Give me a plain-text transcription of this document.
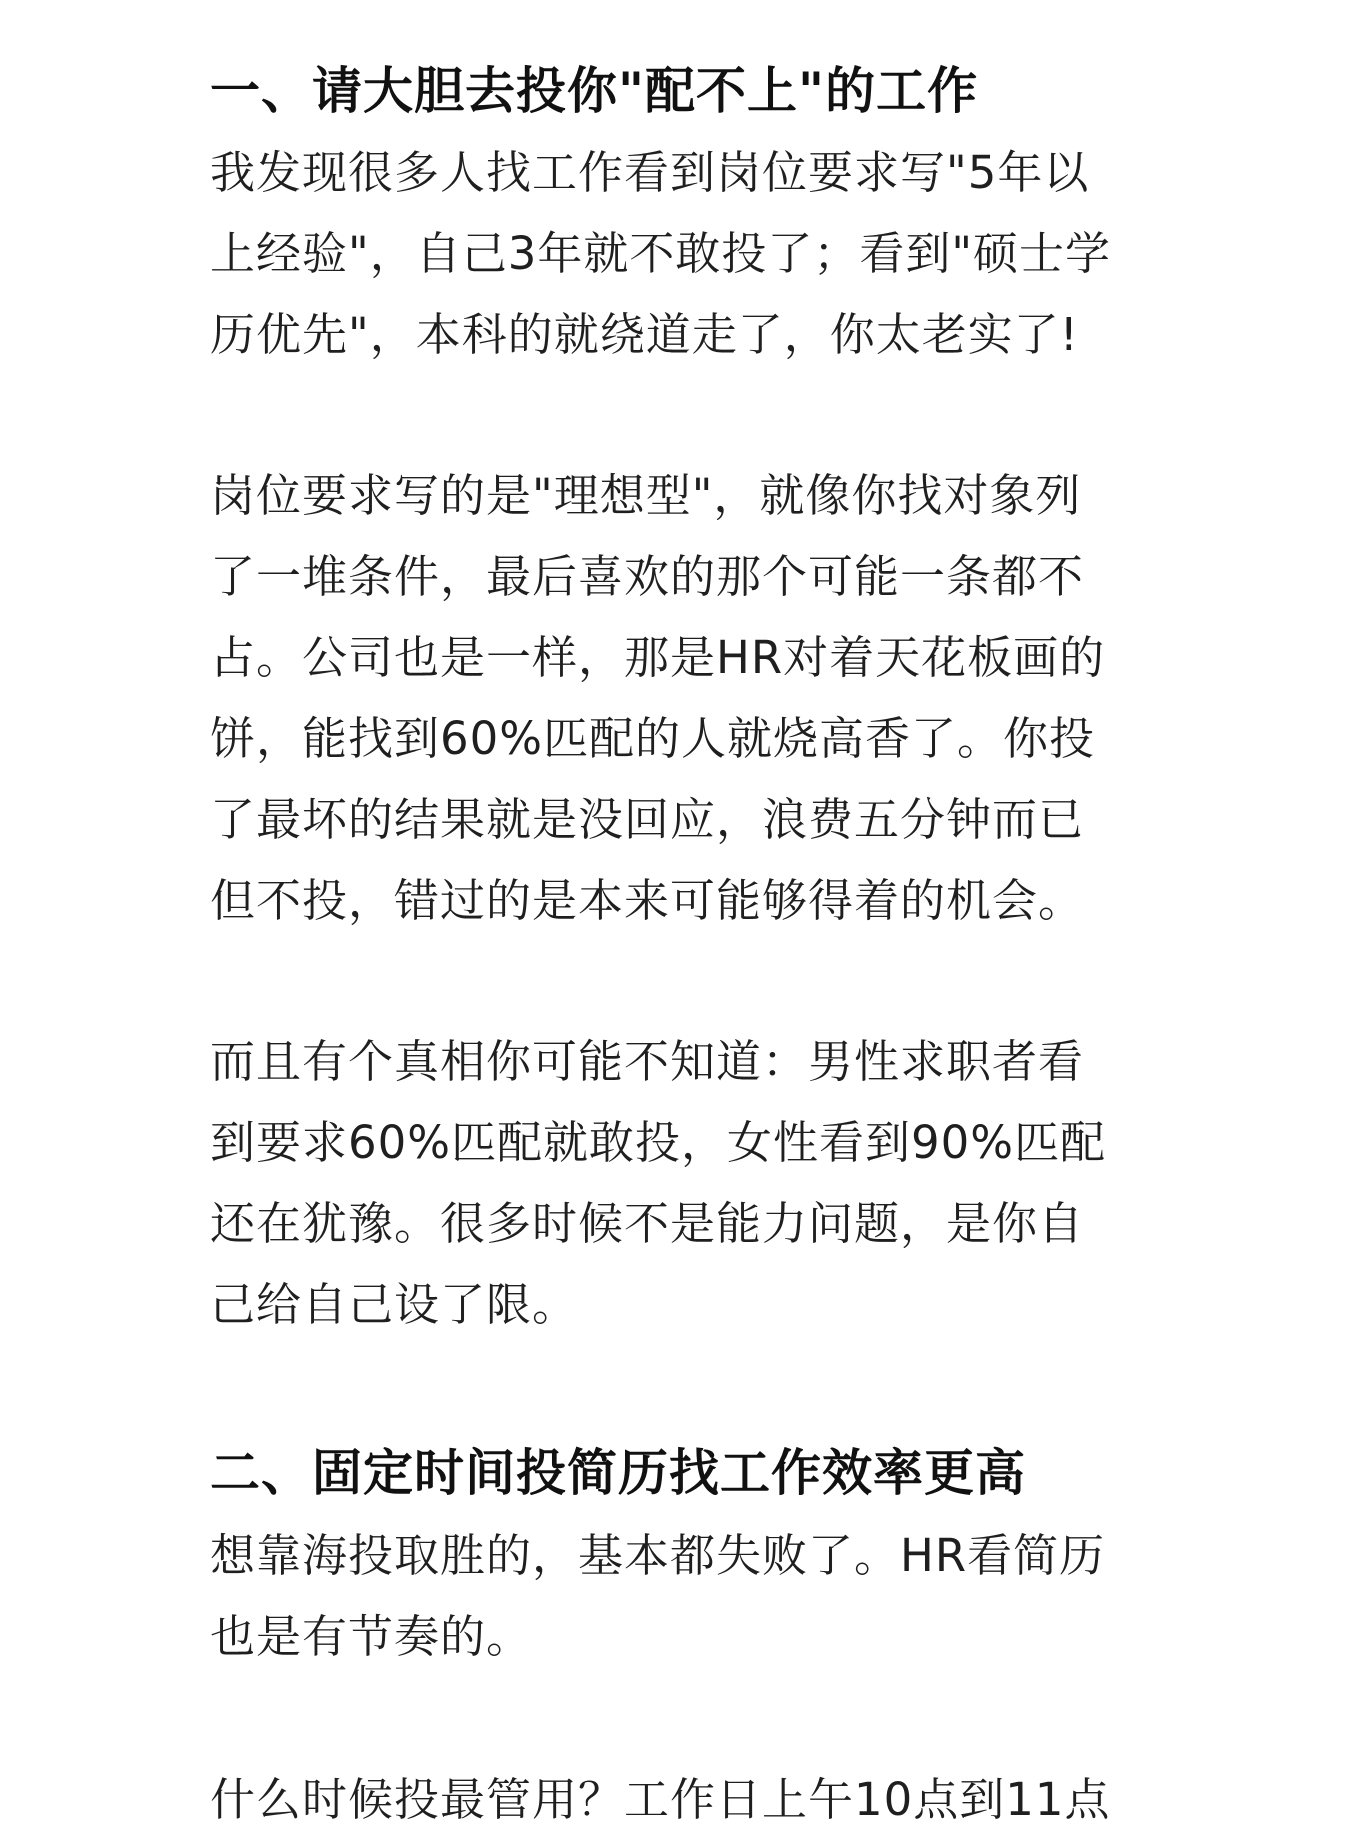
一、请大胆去投你"配不上"的工作
我发现很多人找工作看到岗位要求写"5年以
上经验"，自己3年就不敢投了；看到"硕士学
历优先"，本科的就绕道走了，你太老实了!
岗位要求写的是"理想型"，就像你找对象列
了一堆条件，最后喜欢的那个可能一条都不
占。公司也是一样，那是HR对着天花板画的
饼，能找到60%匹配的人就烧高香了。你投
了最坏的结果就是没回应，浪费五分钟而已
但不投，错过的是本来可能够得着的机会。
而且有个真相你可能不知道：男性求职者看
到要求60%匹配就敢投，女性看到90%匹配
还在犹豫。很多时候不是能力问题，是你自
己给自己设了限。
二、固定时间投简历找工作效率更高
想靠海投取胜的，基本都失败了。HR看简历
也是有节奏的。
什么时候投最管用？工作日上午10点到11点
